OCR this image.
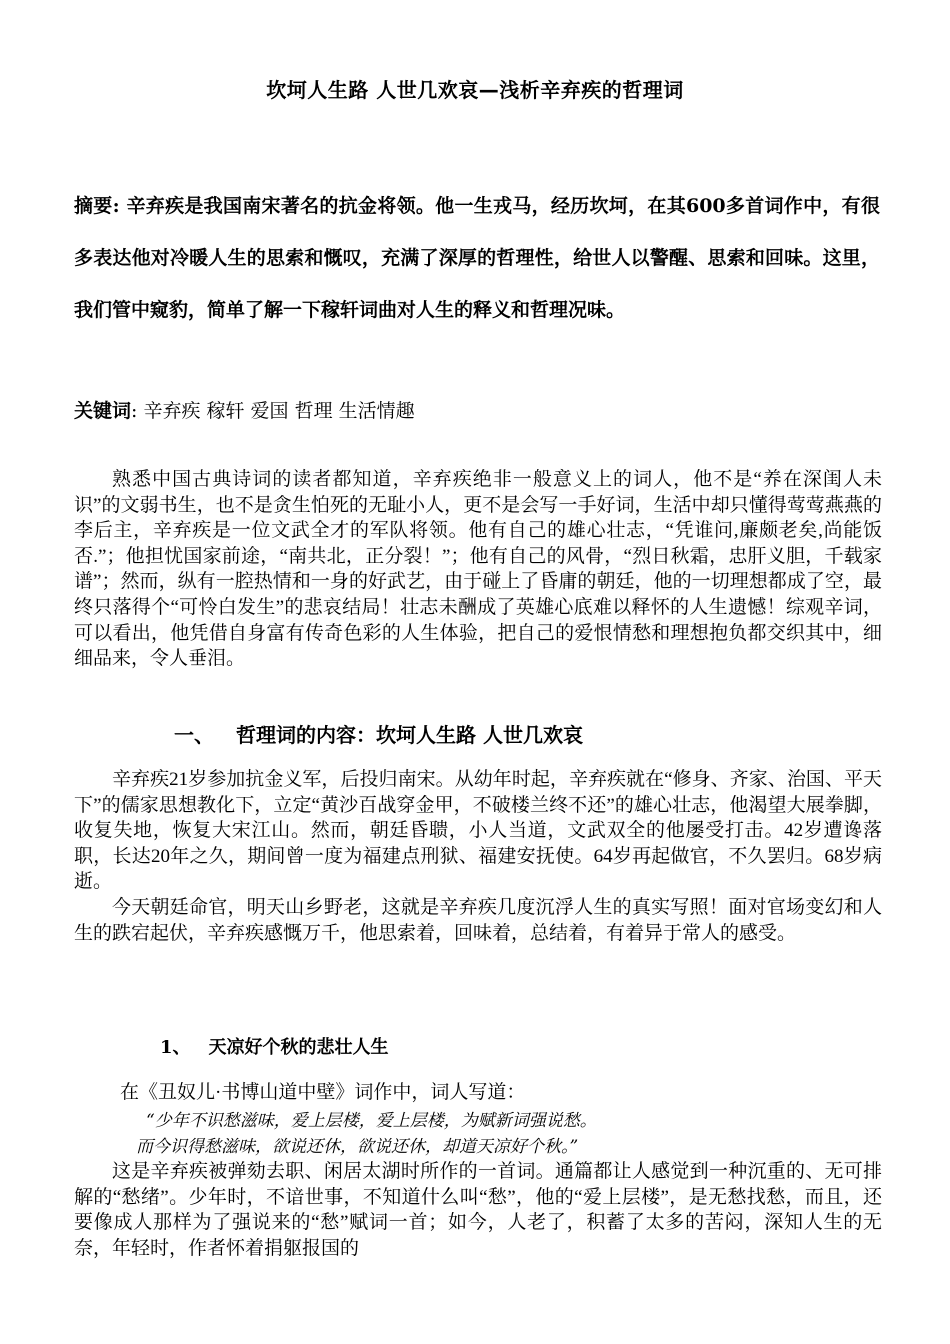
坎坷人生路 人世几欢哀—浅析辛弃疾的哲理词
摘要: 辛弃疾是我国南宋著名的抗金将领。他一生戎马，经历坎坷，在其600多首词作中，有很多表达他对冷暖人生的思索和慨叹，充满了深厚的哲理性，给世人以警醒、思索和回味。这里，我们管中窥豹，简单了解一下稼轩词曲对人生的释义和哲理况味。
关键词: 辛弃疾 稼轩 爱国 哲理 生活情趣

熟悉中国古典诗词的读者都知道，辛弃疾绝非一般意义上的词人，他不是“养在深闺人未识”的文弱书生，也不是贪生怕死的无耻小人，更不是会写一手好词，生活中却只懂得莺莺燕燕的李后主，辛弃疾是一位文武全才的军队将领。他有自己的雄心壮志，“凭谁问,廉颇老矣,尚能饭否.”；他担忧国家前途，“南共北，正分裂！”；他有自己的风骨，“烈日秋霜，忠肝义胆，千载家谱”；然而，纵有一腔热情和一身的好武艺，由于碰上了昏庸的朝廷，他的一切理想都成了空，最终只落得个“可怜白发生”的悲哀结局！壮志未酬成了英雄心底难以释怀的人生遗憾！综观辛词，可以看出，他凭借自身富有传奇色彩的人生体验，把自己的爱恨情愁和理想抱负都交织其中，细细品来，令人垂泪。

一、 哲理词的内容：坎坷人生路 人世几欢哀

辛弃疾21岁参加抗金义军，后投归南宋。从幼年时起，辛弃疾就在“修身、齐家、治国、平天下”的儒家思想教化下，立定“黄沙百战穿金甲，不破楼兰终不还”的雄心壮志，他渴望大展拳脚，收复失地，恢复大宋江山。然而，朝廷昏聩，小人当道，文武双全的他屡受打击。42岁遭谗落职，长达20年之久，期间曾一度为福建点刑狱、福建安抚使。64岁再起做官，不久罢归。68岁病逝。

今天朝廷命官，明天山乡野老，这就是辛弃疾几度沉浮人生的真实写照！面对官场变幻和人生的跌宕起伏，辛弃疾感慨万千，他思索着，回味着，总结着，有着异于常人的感受。

1、 天凉好个秋的悲壮人生
在《丑奴儿·书博山道中壁》词作中，词人写道：
“少年不识愁滋味，爱上层楼，爱上层楼，为赋新词强说愁。
而今识得愁滋味，欲说还休，欲说还休，却道天凉好个秋。”

这是辛弃疾被弹劾去职、闲居太湖时所作的一首词。通篇都让人感觉到一种沉重的、无可排解的“愁绪”。少年时，不谙世事，不知道什么叫“愁”，他的“爱上层楼”，是无愁找愁，而且，还要像成人那样为了强说来的“愁”赋词一首；如今，人老了，积蓄了太多的苦闷，深知人生的无奈，年轻时，作者怀着捐躯报国的
